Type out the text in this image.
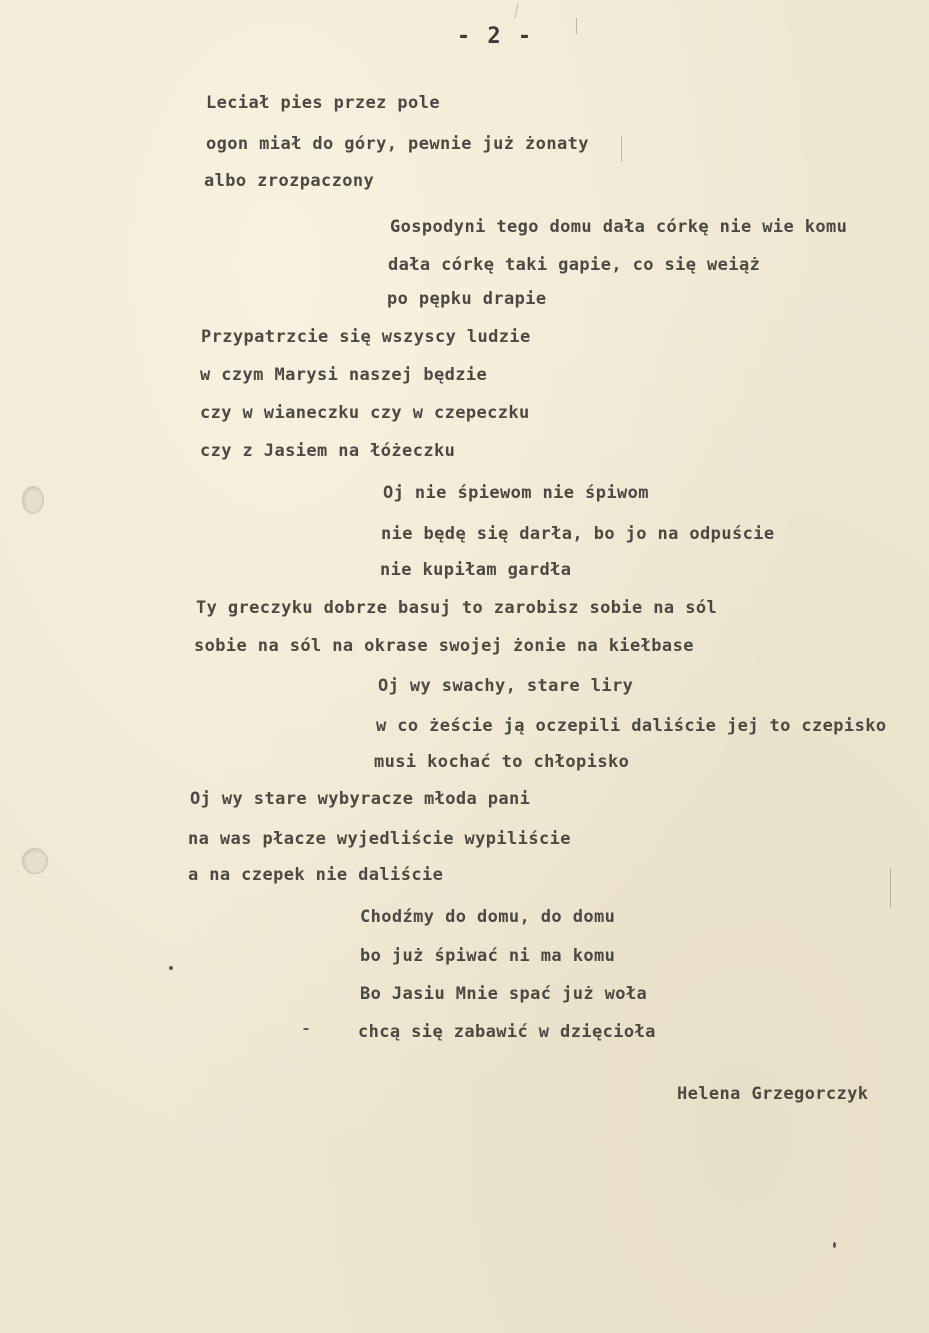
- 2 -
Leciał pies przez pole
ogon miał do góry, pewnie już żonaty
albo zrozpaczony
Gospodyni tego domu dała córkę nie wie komu
dała córkę taki gapie, co się weiąż
po pępku drapie
Przypatrzcie się wszyscy ludzie
w czym Marysi naszej będzie
czy w wianeczku czy w czepeczku
czy z Jasiem na łóżeczku
Oj nie śpiewom nie śpiwom
nie będę się darła, bo jo na odpuście
nie kupiłam gardła
Ty greczyku dobrze basuj to zarobisz sobie na sól
sobie na sól na okrase swojej żonie na kiełbase
Oj wy swachy, stare liry
w co żeście ją oczepili daliście jej to czepisko
musi kochać to chłopisko
Oj wy stare wybyracze młoda pani
na was płacze wyjedliście wypiliście
a na czepek nie daliście
Chodźmy do domu, do domu
bo już śpiwać ni ma komu
Bo Jasiu Mnie spać już woła
chcą się zabawić w dzięcioła
Helena Grzegorczyk
